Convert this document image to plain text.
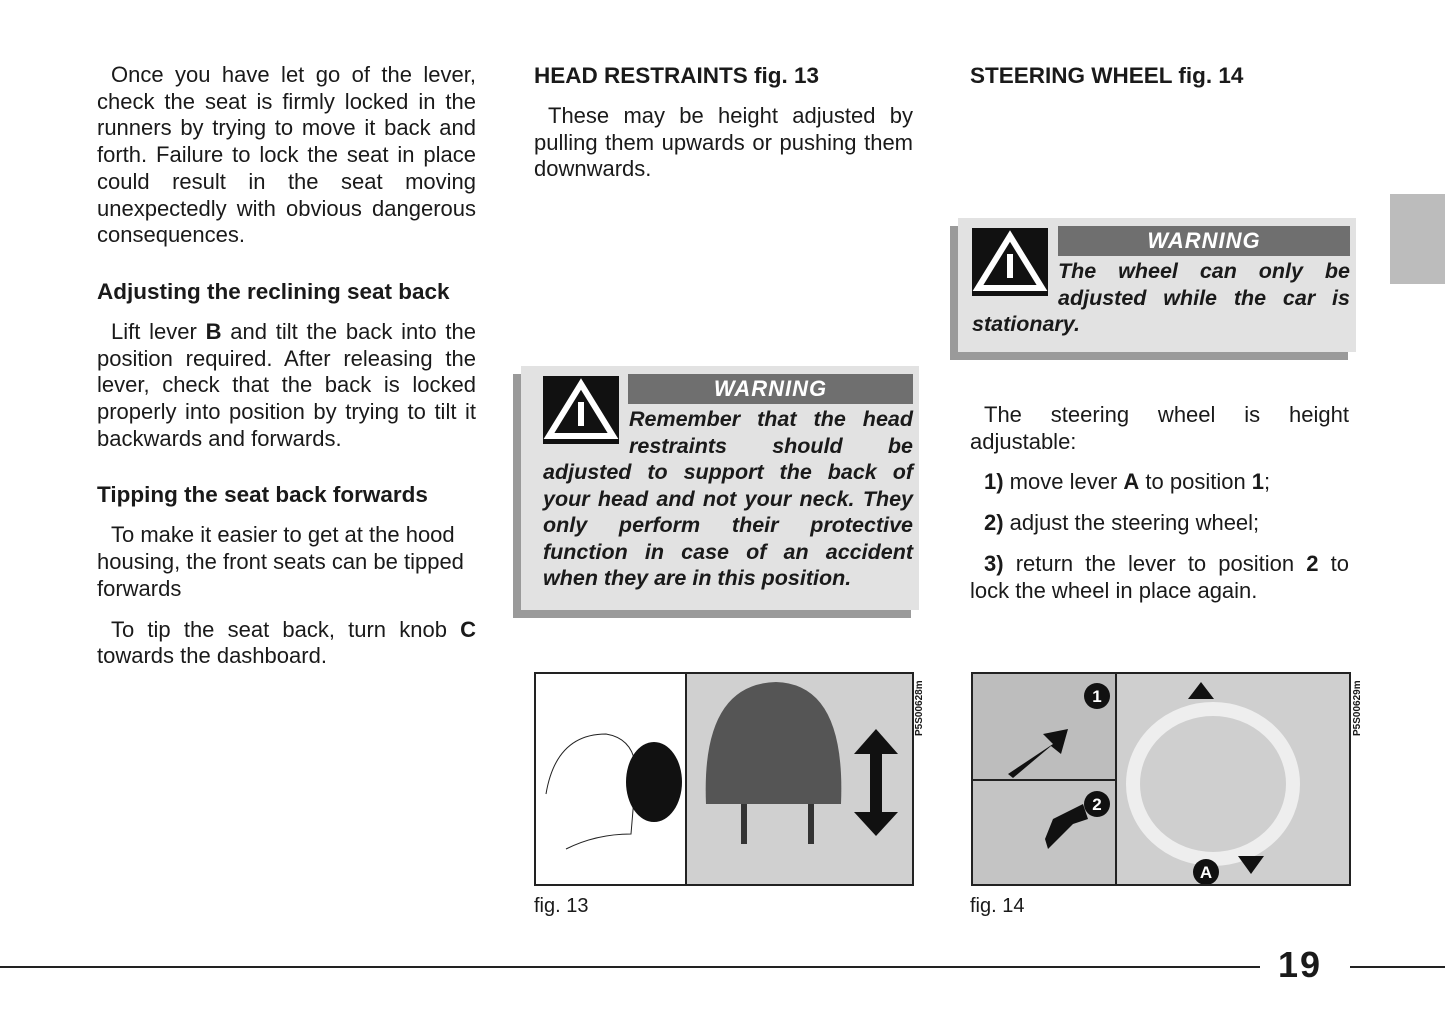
Once you have let go of the lever, check the seat is firmly locked in the runners by trying to move it back and forth. Failure to lock the seat in place could result in the seat moving unexpectedly with obvious dangerous consequences.

Adjusting the reclining seat back

Lift lever B and tilt the back into the position required. After releasing the lever, check that the back is locked properly into position by trying to tilt it backwards and forwards.

Tipping the seat back forwards

To make it easier to get at the hood housing, the front seats can be tipped forwards

To tip the seat back, turn knob C towards the dashboard.

HEAD RESTRAINTS fig. 13

These may be height adjusted by pulling them upwards or pushing them downwards.

WARNING
Remember that the head restraints should be adjusted to support the back of your head and not your neck. They only perform their protective function in case of an accident when they are in this position.
P5S00628m
fig. 13
STEERING WHEEL fig. 14
WARNING
The wheel can only be adjusted while the car is stationary.

The steering wheel is height adjustable:

1) move lever A to position 1;

2) adjust the steering wheel;

3) return the lever to position 2 to lock the wheel in place again.

1
2
A
P5S00629m
fig. 14
19
